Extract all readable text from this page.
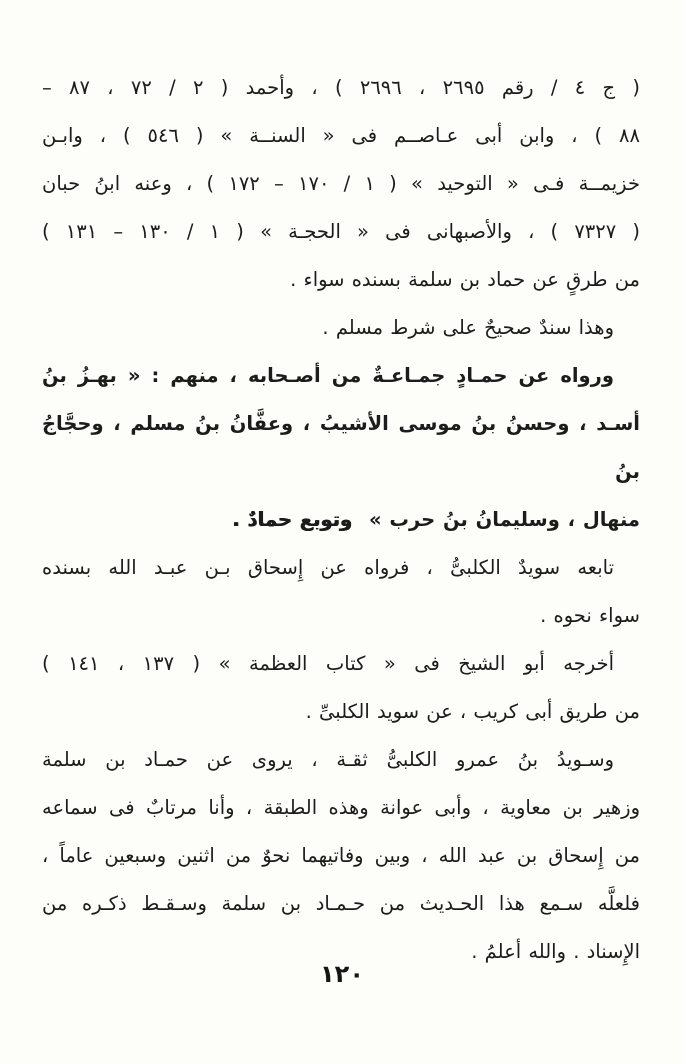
( ج ٤ / رقم ٢٦٩٥ ، ٢٦٩٦ ) ، وأحمد ( ٢ / ٧٢ ، ٨٧ –
٨٨ ) ، وابن أبى عـاصــم فى « السنــة » ( ٥٤٦ ) ، وابـن
خزيمــة فـى « التوحيد » ( ١ / ١٧٠ – ١٧٢ ) ، وعنه ابنُ حبان
( ٧٣٢٧ ) ، والأصبهانى فى « الحجـة » ( ١ / ١٣٠ – ١٣١ )
من طرقٍ عن حماد بن سلمة بسنده سواء .
وهذا سندٌ صحيحٌ على شرط مسلم .
ورواه عن حمـادٍ جمـاعـةٌ من أصـحابه ، منهم : « بهـزُ بنُ
أسـد ، وحسنُ بنُ موسى الأشيبُ ، وعفَّانُ بنُ مسلم ، وحجَّاجُ بنُ
منهال ، وسليمانُ بنُ حرب » وتوبع حمادٌ .
تابعه سويدٌ الكلبىُّ ، فرواه عن إِسحاق بـن عبـد الله بسنده
سواء نحوه .
أخرجه أبو الشيخ فى « كتاب العظمة » ( ١٣٧ ، ١٤١ )
من طريق أبى كريب ، عن سويد الكلبىِّ .
وسـويدُ بنُ عمرو الكلبىُّ ثقـة ، يروى عن حمـاد بن سلمة
وزهير بن معاوية ، وأبى عوانة وهذه الطبقة ، وأنا مرتابٌ فى سماعه
من إِسحاق بن عبد الله ، وبين وفاتيهما نحوٌ من اثنين وسبعين عاماً ،
فلعلَّه سـمع هذا الحـديث من حـمـاد بن سلمة وسـقـط ذكـره من
الإِسناد . والله أعلمُ .
١٢٠
